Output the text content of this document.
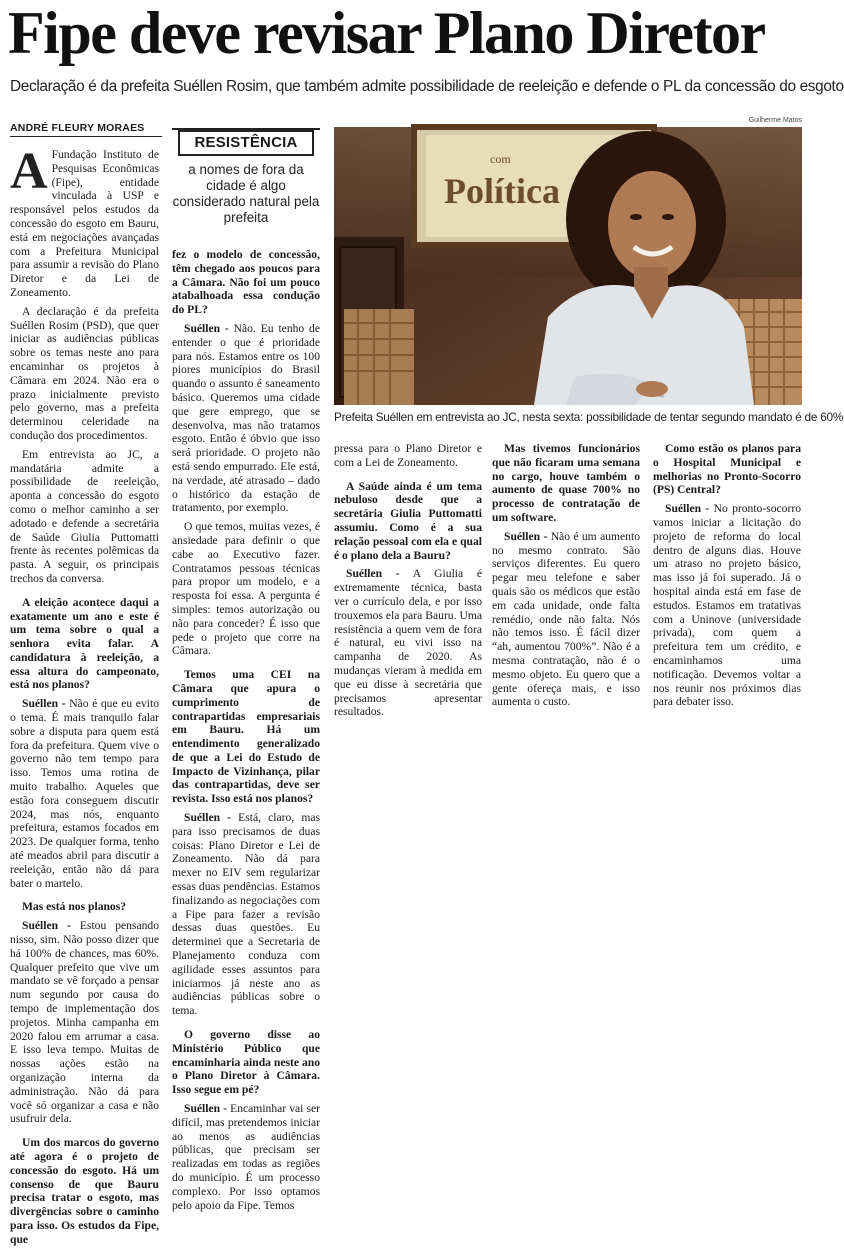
Fipe deve revisar Plano Diretor
Declaração é da prefeita Suéllen Rosim, que também admite possibilidade de reeleição e defende o PL da concessão do esgoto
ANDRÉ FLEURY MORAES
RESISTÊNCIA
a nomes de fora da cidade é algo considerado natural pela prefeita
Guilherme Matos
com
Política
Prefeita Suéllen em entrevista ao JC, nesta sexta: possibilidade de tentar segundo mandato é de 60%

A Fundação Instituto de Pesquisas Econômicas (Fipe), entidade vinculada à USP e responsável pelos estudos da concessão do esgoto em Bauru, está em negociações avançadas com a Prefeitura Municipal para assumir a revisão do Plano Diretor e da Lei de Zoneamento.

A declaração é da prefeita Suéllen Rosim (PSD), que quer iniciar as audiências públicas sobre os temas neste ano para encaminhar os projetos à Câmara em 2024. Não era o prazo inicialmente previsto pelo governo, mas a prefeita determinou celeridade na condução dos procedimentos.

Em entrevista ao JC, a mandatária admite a possibilidade de reeleição, aponta a concessão do esgoto como o melhor caminho a ser adotado e defende a secretária de Saúde Giulia Puttomatti frente às recentes polêmicas da pasta. A seguir, os principais trechos da conversa.

A eleição acontece daqui a exatamente um ano e este é um tema sobre o qual a senhora evita falar. A candidatura à reeleição, a essa altura do campeonato, está nos planos?

Suéllen - Não é que eu evito o tema. É mais tranquilo falar sobre a disputa para quem está fora da prefeitura. Quem vive o governo não tem tempo para isso. Temos uma rotina de muito trabalho. Aqueles que estão fora conseguem discutir 2024, mas nós, enquanto prefeitura, estamos focados em 2023. De qualquer forma, tenho até meados abril para discutir a reeleição, então não dá para bater o martelo.

Mas está nos planos?

Suéllen - Estou pensando nisso, sim. Não posso dizer que há 100% de chances, mas 60%. Qualquer prefeito que vive um mandato se vê forçado a pensar num segundo por causa do tempo de implementação dos projetos. Minha campanha em 2020 falou em arrumar a casa. E isso leva tempo. Muitas de nossas ações estão na organização interna da administração. Não dá para você só organizar a casa e não usufruir dela.

Um dos marcos do governo até agora é o projeto de concessão do esgoto. Há um consenso de que Bauru precisa tratar o esgoto, mas divergências sobre o caminho para isso. Os estudos da Fipe, que

fez o modelo de concessão, têm chegado aos poucos para a Câmara. Não foi um pouco atabalhoada essa condução do PL?

Suéllen - Não. Eu tenho de entender o que é prioridade para nós. Estamos entre os 100 piores municípios do Brasil quando o assunto é saneamento básico. Queremos uma cidade que gere emprego, que se desenvolva, mas não tratamos esgoto. Então é óbvio que isso será prioridade. O projeto não está sendo empurrado. Ele está, na verdade, até atrasado – dado o histórico da estação de tratamento, por exemplo.

O que temos, muitas vezes, é ansiedade para definir o que cabe ao Executivo fazer. Contratamos pessoas técnicas para propor um modelo, e a resposta foi essa. A pergunta é simples: temos autorização ou não para conceder? É isso que pede o projeto que corre na Câmara.

Temos uma CEI na Câmara que apura o cumprimento de contrapartidas empresariais em Bauru. Há um entendimento generalizado de que a Lei do Estudo de Impacto de Vizinhança, pilar das contrapartidas, deve ser revista. Isso está nos planos?

Suéllen - Está, claro, mas para isso precisamos de duas coisas: Plano Diretor e Lei de Zoneamento. Não dá para mexer no EIV sem regularizar essas duas pendências. Estamos finalizando as negociações com a Fipe para fazer a revisão dessas duas questões. Eu determinei que a Secretaria de Planejamento conduza com agilidade esses assuntos para iniciarmos já neste ano as audiências públicas sobre o tema.

O governo disse ao Ministério Público que encaminharia ainda neste ano o Plano Diretor à Câmara. Isso segue em pé?

Suéllen - Encaminhar vai ser difícil, mas pretendemos iniciar ao menos as audiências públicas, que precisam ser realizadas em todas as regiões do município. É um processo complexo. Por isso optamos pelo apoio da Fipe. Temos

pressa para o Plano Diretor e com a Lei de Zoneamento.

A Saúde ainda é um tema nebuloso desde que a secretária Giulia Puttomatti assumiu. Como é a sua relação pessoal com ela e qual é o plano dela a Bauru?

Suéllen - A Giulia é extremamente técnica, basta ver o currículo dela, e por isso trouxemos ela para Bauru. Uma resistência a quem vem de fora é natural, eu vivi isso na campanha de 2020. As mudanças vieram à medida em que eu disse à secretária que precisamos apresentar resultados.

Mas tivemos funcionários que não ficaram uma semana no cargo, houve também o aumento de quase 700% no processo de contratação de um software.

Suéllen - Não é um aumento no mesmo contrato. São serviços diferentes. Eu quero pegar meu telefone e saber quais são os médicos que estão em cada unidade, onde falta remédio, onde não falta. Nós não temos isso. É fácil dizer “ah, aumentou 700%”. Não é a mesma contratação, não é o mesmo objeto. Eu quero que a gente ofereça mais, e isso aumenta o custo.

Como estão os planos para o Hospital Municipal e melhorias no Pronto-Socorro (PS) Central?

Suéllen - No pronto-socorro vamos iniciar a licitação do projeto de reforma do local dentro de alguns dias. Houve um atraso no projeto básico, mas isso já foi superado. Já o hospital ainda está em fase de estudos. Estamos em tratativas com a Uninove (universidade privada), com quem a prefeitura tem um crédito, e encaminhamos uma notificação. Devemos voltar a nos reunir nos próximos dias para debater isso.
